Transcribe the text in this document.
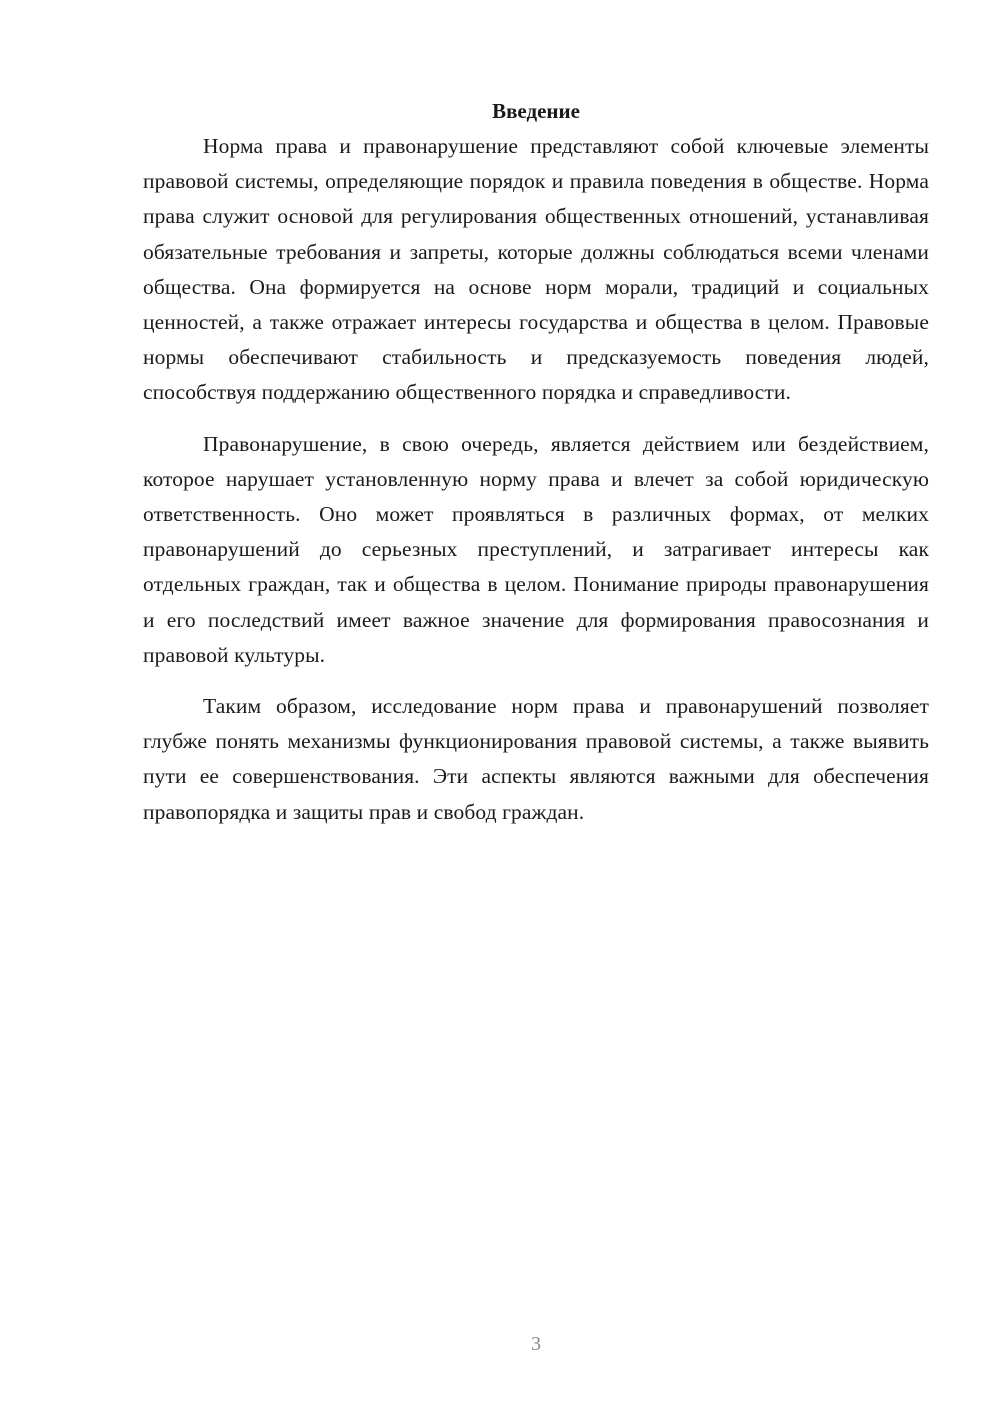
Введение

Норма права и правонарушение представляют собой ключевые элементы правовой системы, определяющие порядок и правила поведения в обществе. Норма права служит основой для регулирования общественных отношений, устанавливая обязательные требования и запреты, которые должны соблюдаться всеми членами общества. Она формируется на основе норм морали, традиций и социальных ценностей, а также отражает интересы государства и общества в целом. Правовые нормы обеспечивают стабильность и предсказуемость поведения людей, способствуя поддержанию общественного порядка и справедливости.

Правонарушение, в свою очередь, является действием или бездействием, которое нарушает установленную норму права и влечет за собой юридическую ответственность. Оно может проявляться в различных формах, от мелких правонарушений до серьезных преступлений, и затрагивает интересы как отдельных граждан, так и общества в целом. Понимание природы правонарушения и его последствий имеет важное значение для формирования правосознания и правовой культуры.

Таким образом, исследование норм права и правонарушений позволяет глубже понять механизмы функционирования правовой системы, а также выявить пути ее совершенствования. Эти аспекты являются важными для обеспечения правопорядка и защиты прав и свобод граждан.

3
